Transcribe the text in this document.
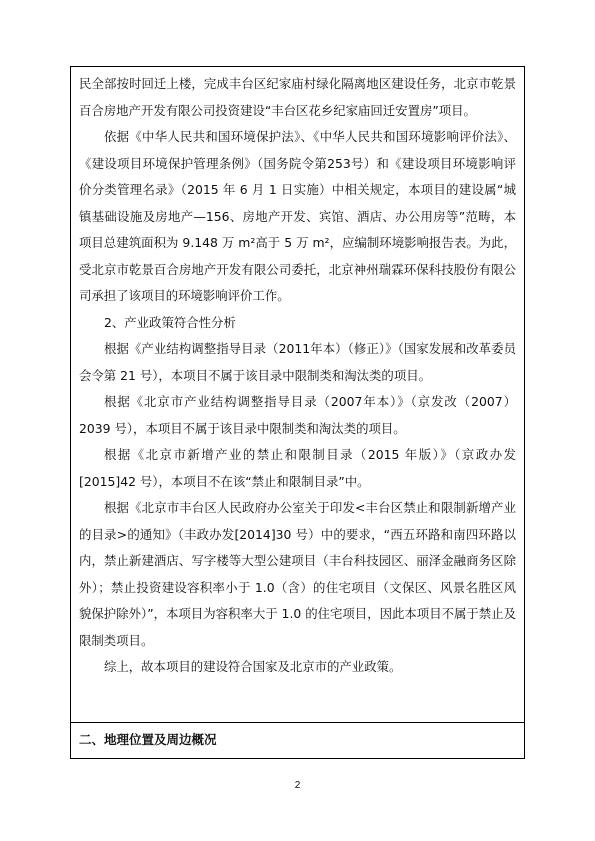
民全部按时回迁上楼，完成丰台区纪家庙村绿化隔离地区建设任务，北京市乾景百合房地产开发有限公司投资建设“丰台区花乡纪家庙回迁安置房”项目。

依据《中华人民共和国环境保护法》、《中华人民共和国环境影响评价法》、《建设项目环境保护管理条例》（国务院令第253号）和《建设项目环境影响评价分类管理名录》（2015 年 6 月 1 日实施）中相关规定，本项目的建设属“城镇基础设施及房地产—156、房地产开发、宾馆、酒店、办公用房等”范畴，本项目总建筑面积为 9.148 万 m²高于 5 万 m²，应编制环境影响报告表。为此，受北京市乾景百合房地产开发有限公司委托，北京神州瑞霖环保科技股份有限公司承担了该项目的环境影响评价工作。

2、产业政策符合性分析

根据《产业结构调整指导目录（2011年本）（修正）》（国家发展和改革委员会令第 21 号），本项目不属于该目录中限制类和淘汰类的项目。

根据《北京市产业结构调整指导目录（2007年本）》（京发改（2007）2039 号），本项目不属于该目录中限制类和淘汰类的项目。

根据《北京市新增产业的禁止和限制目录（2015 年版）》（京政办发[2015]42 号），本项目不在该“禁止和限制目录”中。

根据《北京市丰台区人民政府办公室关于印发<丰台区禁止和限制新增产业的目录>的通知》（丰政办发[2014]30 号）中的要求，“西五环路和南四环路以内，禁止新建酒店、写字楼等大型公建项目（丰台科技园区、丽泽金融商务区除外）；禁止投资建设容积率小于 1.0（含）的住宅项目（文保区、风景名胜区风貌保护除外）”，本项目为容积率大于 1.0 的住宅项目，因此本项目不属于禁止及限制类项目。

综上，故本项目的建设符合国家及北京市的产业政策。

二、地理位置及周边概况
2
